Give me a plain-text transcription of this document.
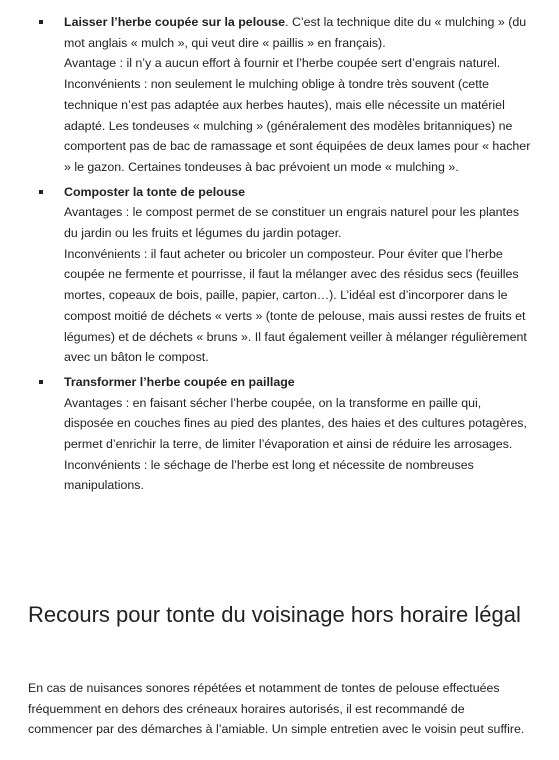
Laisser l’herbe coupée sur la pelouse. C’est la technique dite du « mulching » (du mot anglais « mulch », qui veut dire « paillis » en français).
Avantage : il n’y a aucun effort à fournir et l’herbe coupée sert d’engrais naturel.
Inconvénients : non seulement le mulching oblige à tondre très souvent (cette technique n’est pas adaptée aux herbes hautes), mais elle nécessite un matériel adapté. Les tondeuses « mulching » (généralement des modèles britanniques) ne comportent pas de bac de ramassage et sont équipées de deux lames pour « hacher » le gazon. Certaines tondeuses à bac prévoient un mode « mulching ».
Composter la tonte de pelouse
Avantages : le compost permet de se constituer un engrais naturel pour les plantes du jardin ou les fruits et légumes du jardin potager.
Inconvénients : il faut acheter ou bricoler un composteur. Pour éviter que l’herbe coupée ne fermente et pourrisse, il faut la mélanger avec des résidus secs (feuilles mortes, copeaux de bois, paille, papier, carton…). L’idéal est d’incorporer dans le compost moitié de déchets « verts » (tonte de pelouse, mais aussi restes de fruits et légumes) et de déchets « bruns ». Il faut également veiller à mélanger régulièrement avec un bâton le compost.
Transformer l’herbe coupée en paillage
Avantages : en faisant sécher l’herbe coupée, on la transforme en paille qui, disposée en couches fines au pied des plantes, des haies et des cultures potagères, permet d’enrichir la terre, de limiter l’évaporation et ainsi de réduire les arrosages.
Inconvénients : le séchage de l’herbe est long et nécessite de nombreuses manipulations.
Recours pour tonte du voisinage hors horaire légal

En cas de nuisances sonores répétées et notamment de tontes de pelouse effectuées fréquemment en dehors des créneaux horaires autorisés, il est recommandé de commencer par des démarches à l’amiable. Un simple entretien avec le voisin peut suffire.
